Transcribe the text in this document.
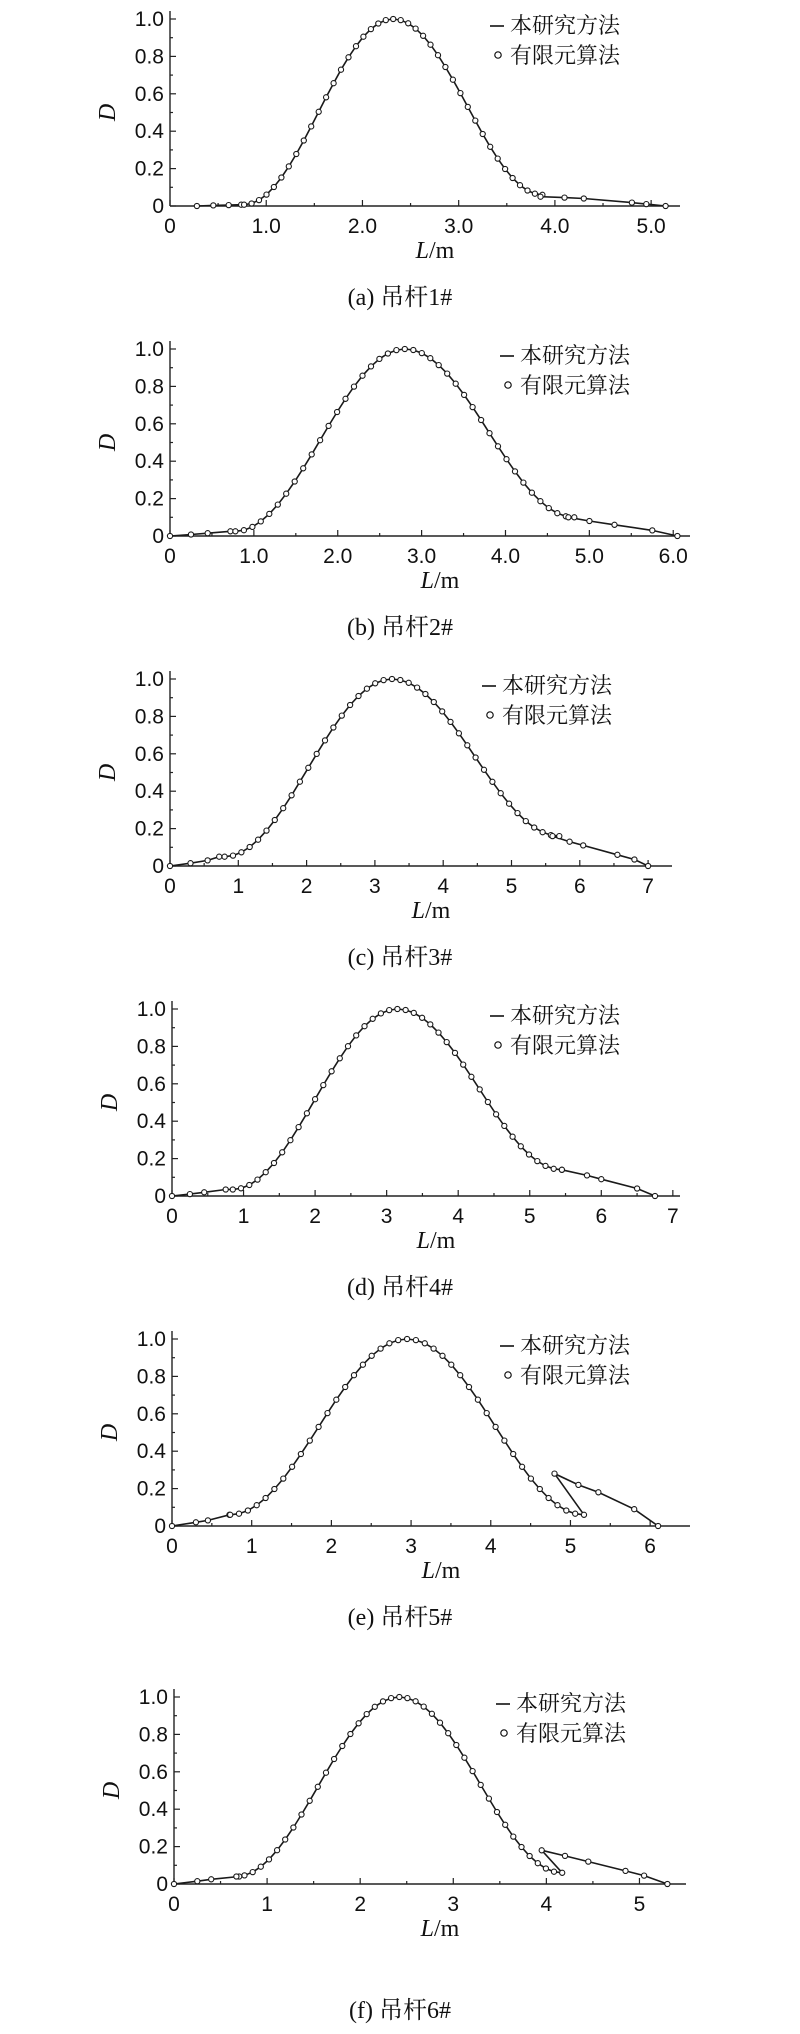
0
0.2
0.4
0.6
0.8
1.0
0	1.0	2.0	3.0	4.0	5.0
D
L/m
本研究方法
有限元算法
(a) 吊杆1#
0
0.2
0.4
0.6
0.8
1.0
0	1.0	2.0	3.0	4.0	5.0	6.0
D
L/m
本研究方法
有限元算法
(b) 吊杆2#
0
0.2
0.4
0.6
0.8
1.0
0	1	2	3	4	5	6	7
D
L/m
本研究方法
有限元算法
(c) 吊杆3#
0
0.2
0.4
0.6
0.8
1.0
0	1	2	3	4	5	6	7
D
L/m
本研究方法
有限元算法
(d) 吊杆4#
0
0.2
0.4
0.6
0.8
1.0
0	1	2	3	4	5	6
D
L/m
本研究方法
有限元算法
(e) 吊杆5#
0
0.2
0.4
0.6
0.8
1.0
0	1	2	3	4	5
D
L/m
本研究方法
有限元算法
(f) 吊杆6#
